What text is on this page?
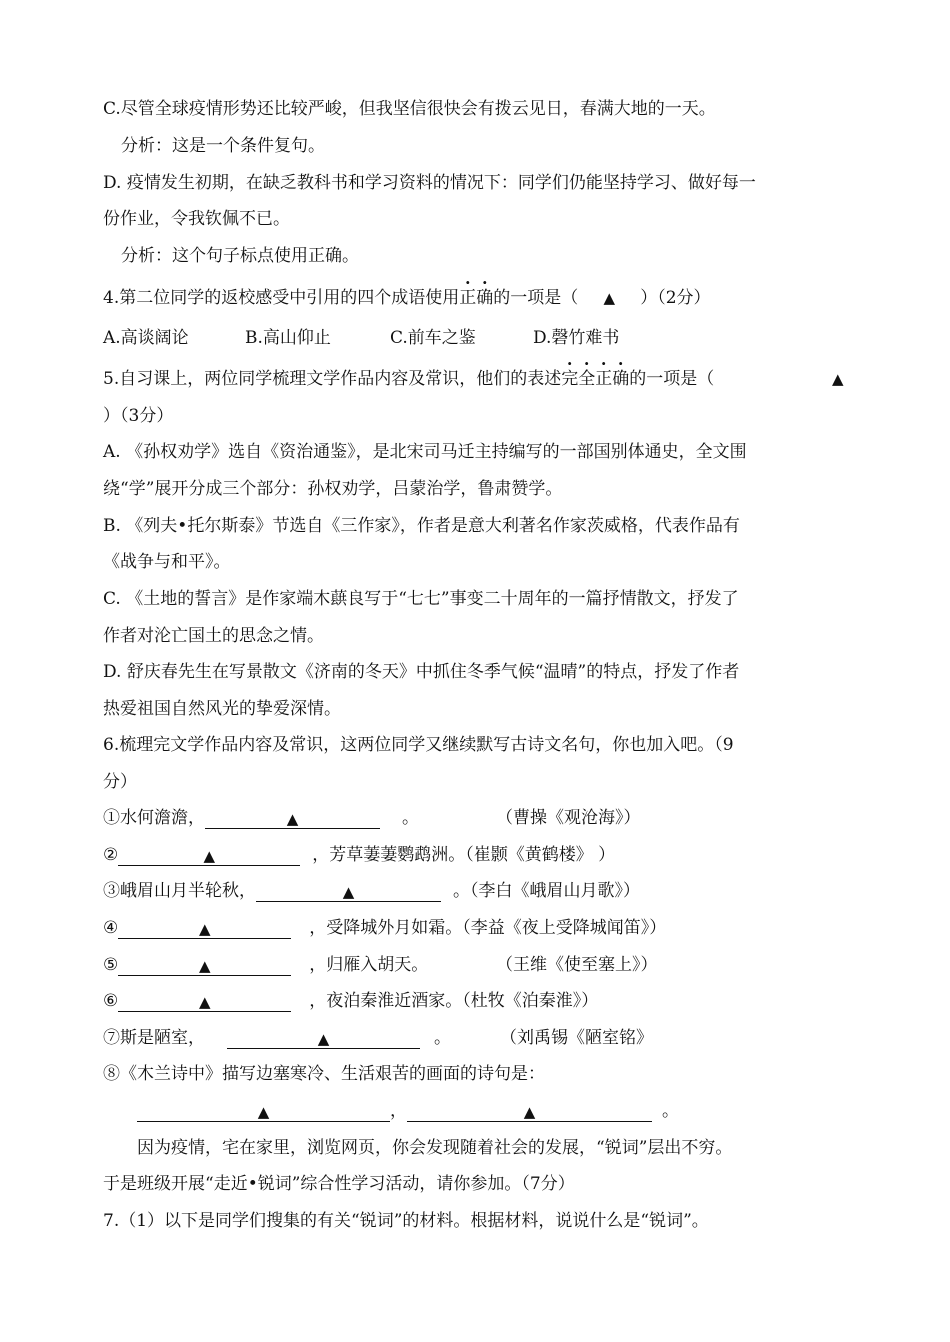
C.尽管全球疫情形势还比较严峻，但我坚信很快会有拨云见日，春满大地的一天。
分析：这是一个条件复句。
D. 疫情发生初期，在缺乏教科书和学习资料的情况下：同学们仍能坚持学习、做好每一
份作业，令我钦佩不已。
分析：这个句子标点使用正确。
4.第二位同学的返校感受中引用的四个成语使用正确的一项是（ ▲ ）（2分）
A.高谈阔论	B.高山仰止	C.前车之鉴	D.磬竹难书
5.自习课上，两位同学梳理文学作品内容及常识，他们的表述完全正确的一项是（	▲
）（3分）
A. 《孙权劝学》选自《资治通鉴》，是北宋司马迁主持编写的一部国别体通史，全文围
绕“学”展开分成三个部分：孙权劝学，吕蒙治学，鲁肃赞学。
B. 《列夫•托尔斯泰》节选自《三作家》，作者是意大利著名作家茨威格，代表作品有
《战争与和平》。
C. 《土地的誓言》是作家端木蕻良写于“七七”事变二十周年的一篇抒情散文，抒发了
作者对沦亡国土的思念之情。
D. 舒庆春先生在写景散文《济南的冬天》中抓住冬季气候“温晴”的特点，抒发了作者
热爱祖国自然风光的挚爱深情。
6.梳理完文学作品内容及常识，这两位同学又继续默写古诗文名句，你也加入吧。（9
分）
①水何澹澹，	▲	。	（曹操《观沧海》）
②	▲	，芳草萋萋鹦鹉洲。（崔颢《黄鹤楼》 ）
③峨眉山月半轮秋，	▲	。（李白《峨眉山月歌》）
④	▲	，受降城外月如霜。（李益《夜上受降城闻笛》）
⑤	▲	，归雁入胡天。	（王维《使至塞上》）
⑥	▲	，夜泊秦淮近酒家。（杜牧《泊秦淮》）
⑦斯是陋室，	▲	。	（刘禹锡《陋室铭》
⑧《木兰诗中》描写边塞寒冷、生活艰苦的画面的诗句是：
▲	，	▲	。
因为疫情，宅在家里，浏览网页，你会发现随着社会的发展，“锐词”层出不穷。
于是班级开展“走近•锐词”综合性学习活动，请你参加。（7分）
7.（1）以下是同学们搜集的有关“锐词”的材料。根据材料，说说什么是“锐词”。
